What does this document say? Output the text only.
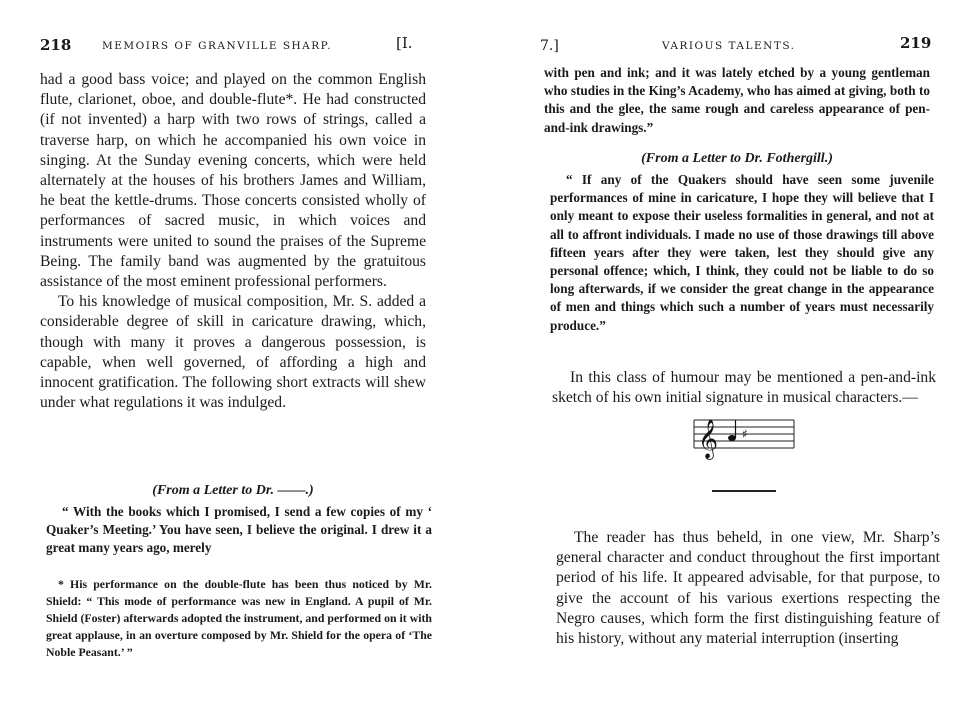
218	MEMOIRS OF GRANVILLE SHARP.	[I.

had a good bass voice; and played on the common English flute, clarionet, oboe, and double-flute*. He had constructed (if not invented) a harp with two rows of strings, called a traverse harp, on which he accompanied his own voice in singing. At the Sunday evening concerts, which were held alternately at the houses of his brothers James and William, he beat the kettle-drums. Those concerts consisted wholly of performances of sacred music, in which voices and instruments were united to sound the praises of the Supreme Being. The family band was augmented by the gratuitous assistance of the most eminent professional performers.

To his knowledge of musical composition, Mr. S. added a considerable degree of skill in caricature drawing, which, though with many it proves a dangerous possession, is capable, when well governed, of affording a high and innocent gratification. The following short extracts will shew under what regulations it was indulged.

(From a Letter to Dr. ——.)
“ With the books which I promised, I send a few copies of my ‘ Quaker’s Meeting.’ You have seen, I believe the original. I drew it a great many years ago, merely

* His performance on the double-flute has been thus noticed by Mr. Shield: “ This mode of performance was new in England. A pupil of Mr. Shield (Foster) afterwards adopted the instrument, and performed on it with great applause, in an overture composed by Mr. Shield for the opera of ‘The Noble Peasant.’ ”

7.]	VARIOUS TALENTS.	219
with pen and ink; and it was lately etched by a young gentleman who studies in the King’s Academy, who has aimed at giving, both to this and the glee, the same rough and careless appearance of pen-and-ink drawings.”
(From a Letter to Dr. Fothergill.)
“ If any of the Quakers should have seen some juvenile performances of mine in caricature, I hope they will believe that I only meant to expose their useless formalities in general, and not at all to affront individuals. I made no use of those drawings till above fifteen years after they were taken, lest they should give any personal offence; which, I think, they could not be liable to do so long afterwards, if we consider the great change in the appearance of men and things which such a number of years must necessarily produce.”
In this class of humour may be mentioned a pen-and-ink sketch of his own initial signature in musical characters.—
𝄞 ♯
The reader has thus beheld, in one view, Mr. Sharp’s general character and conduct throughout the first important period of his life. It appeared advisable, for that purpose, to give the account of his various exertions respecting the Negro causes, which form the first distinguishing feature of his history, without any material interruption (inserting
